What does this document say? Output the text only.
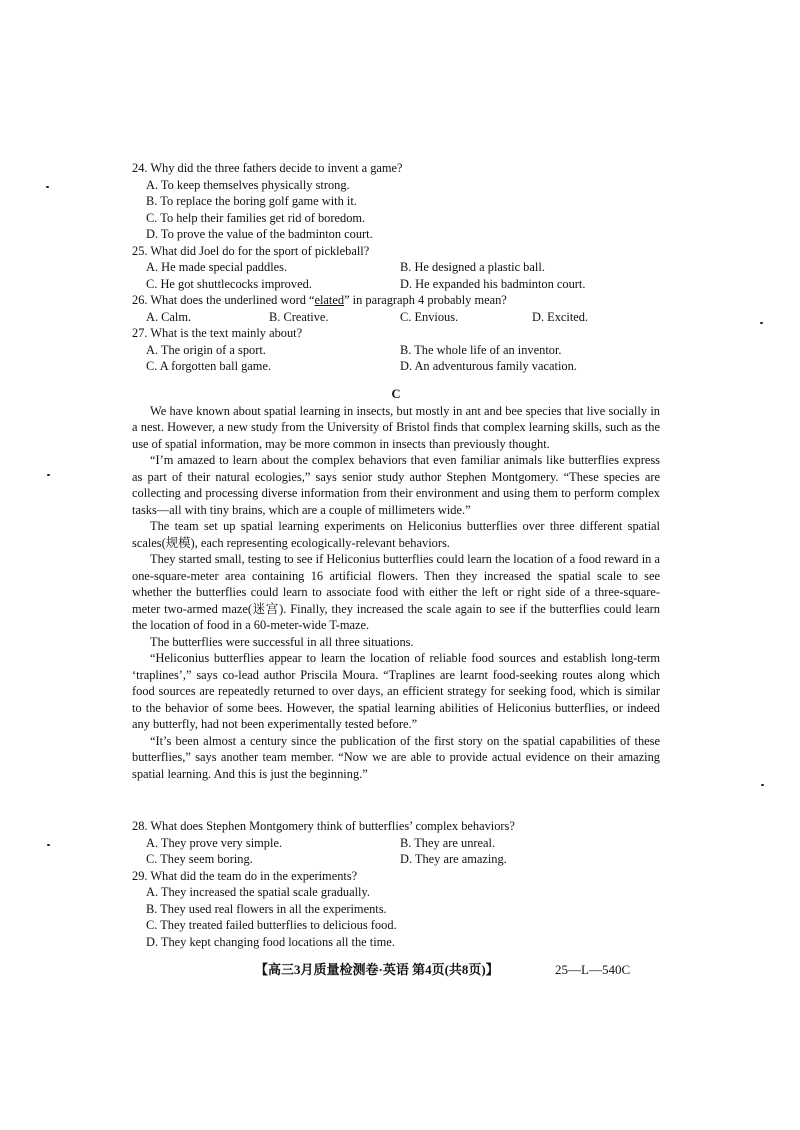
24. Why did the three fathers decide to invent a game?

A. To keep themselves physically strong.

B. To replace the boring golf game with it.

C. To help their families get rid of boredom.

D. To prove the value of the badminton court.

25. What did Joel do for the sport of pickleball?

A. He made special paddles.	B. He designed a plastic ball.
C. He got shuttlecocks improved.	D. He expanded his badminton court.

26. What does the underlined word “elated” in paragraph 4 probably mean?

A. Calm.	B. Creative.	C. Envious.	D. Excited.

27. What is the text mainly about?

A. The origin of a sport.	B. The whole life of an inventor.
C. A forgotten ball game.	D. An adventurous family vacation.

C

We have known about spatial learning in insects, but mostly in ant and bee species that live socially in a nest. However, a new study from the University of Bristol finds that complex learning skills, such as the use of spatial information, may be more common in insects than previously thought.

“I’m amazed to learn about the complex behaviors that even familiar animals like butterflies express as part of their natural ecologies,” says senior study author Stephen Montgomery. “These species are collecting and processing diverse information from their environment and using them to perform complex tasks—all with tiny brains, which are a couple of millimeters wide.”

The team set up spatial learning experiments on Heliconius butterflies over three different spatial scales(规模), each representing ecologically-relevant behaviors.

They started small, testing to see if Heliconius butterflies could learn the location of a food reward in a one-square-meter area containing 16 artificial flowers. Then they increased the spatial scale to see whether the butterflies could learn to associate food with either the left or right side of a three-square-meter two-armed maze(迷宫). Finally, they increased the scale again to see if the butterflies could learn the location of food in a 60-meter-wide T-maze.

The butterflies were successful in all three situations.

“Heliconius butterflies appear to learn the location of reliable food sources and establish long-term ‘traplines’,” says co-lead author Priscila Moura. “Traplines are learnt food-seeking routes along which food sources are repeatedly returned to over days, an efficient strategy for seeking food, which is similar to the behavior of some bees. However, the spatial learning abilities of Heliconius butterflies, or indeed any butterfly, had not been experimentally tested before.”

“It’s been almost a century since the publication of the first story on the spatial capabilities of these butterflies,” says another team member. “Now we are able to provide actual evidence on their amazing spatial learning. And this is just the beginning.”

28. What does Stephen Montgomery think of butterflies’ complex behaviors?

A. They prove very simple.	B. They are unreal.
C. They seem boring.	D. They are amazing.

29. What did the team do in the experiments?

A. They increased the spatial scale gradually.

B. They used real flowers in all the experiments.

C. They treated failed butterflies to delicious food.

D. They kept changing food locations all the time.

【高三3月质量检测卷·英语 第4页(共8页)】	25—L—540C
